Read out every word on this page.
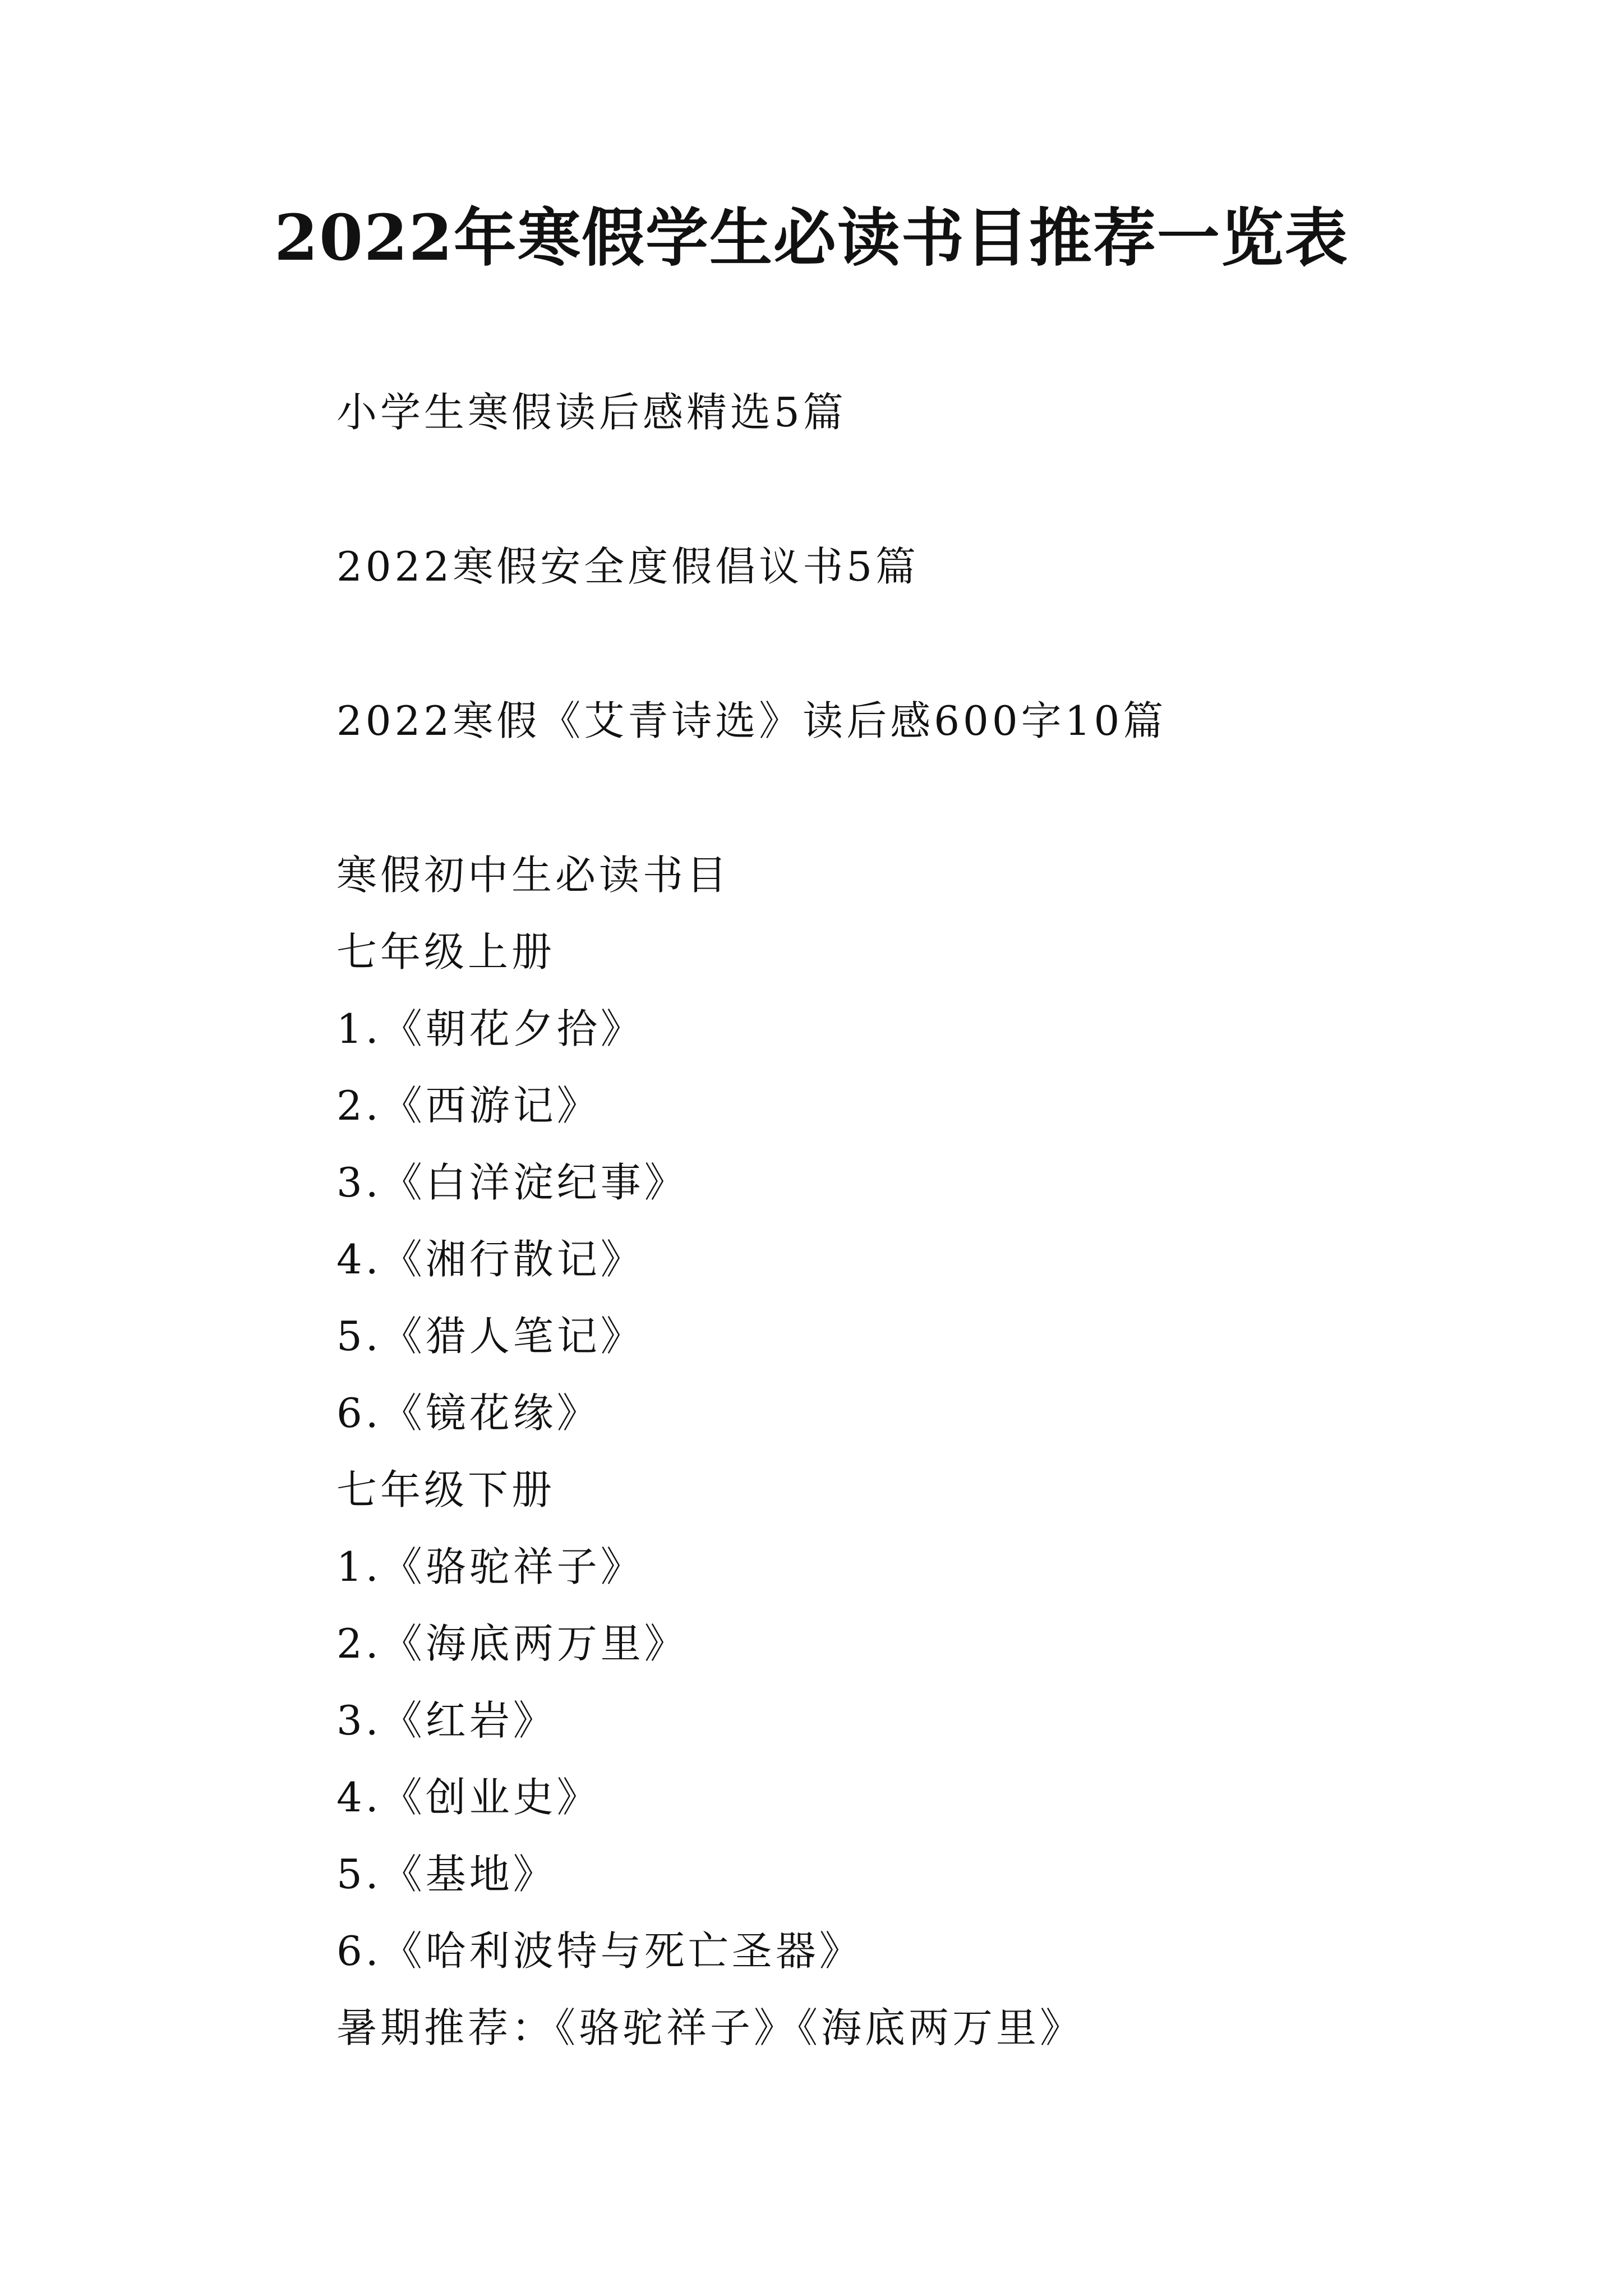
2022年寒假学生必读书目推荐一览表
小学生寒假读后感精选5篇
2022寒假安全度假倡议书5篇
2022寒假《艾青诗选》读后感600字10篇
寒假初中生必读书目
七年级上册
1.《朝花夕拾》
2.《西游记》
3.《白洋淀纪事》
4.《湘行散记》
5.《猎人笔记》
6.《镜花缘》
七年级下册
1.《骆驼祥子》
2.《海底两万里》
3.《红岩》
4.《创业史》
5.《基地》
6.《哈利波特与死亡圣器》
暑期推荐：《骆驼祥子》《海底两万里》
